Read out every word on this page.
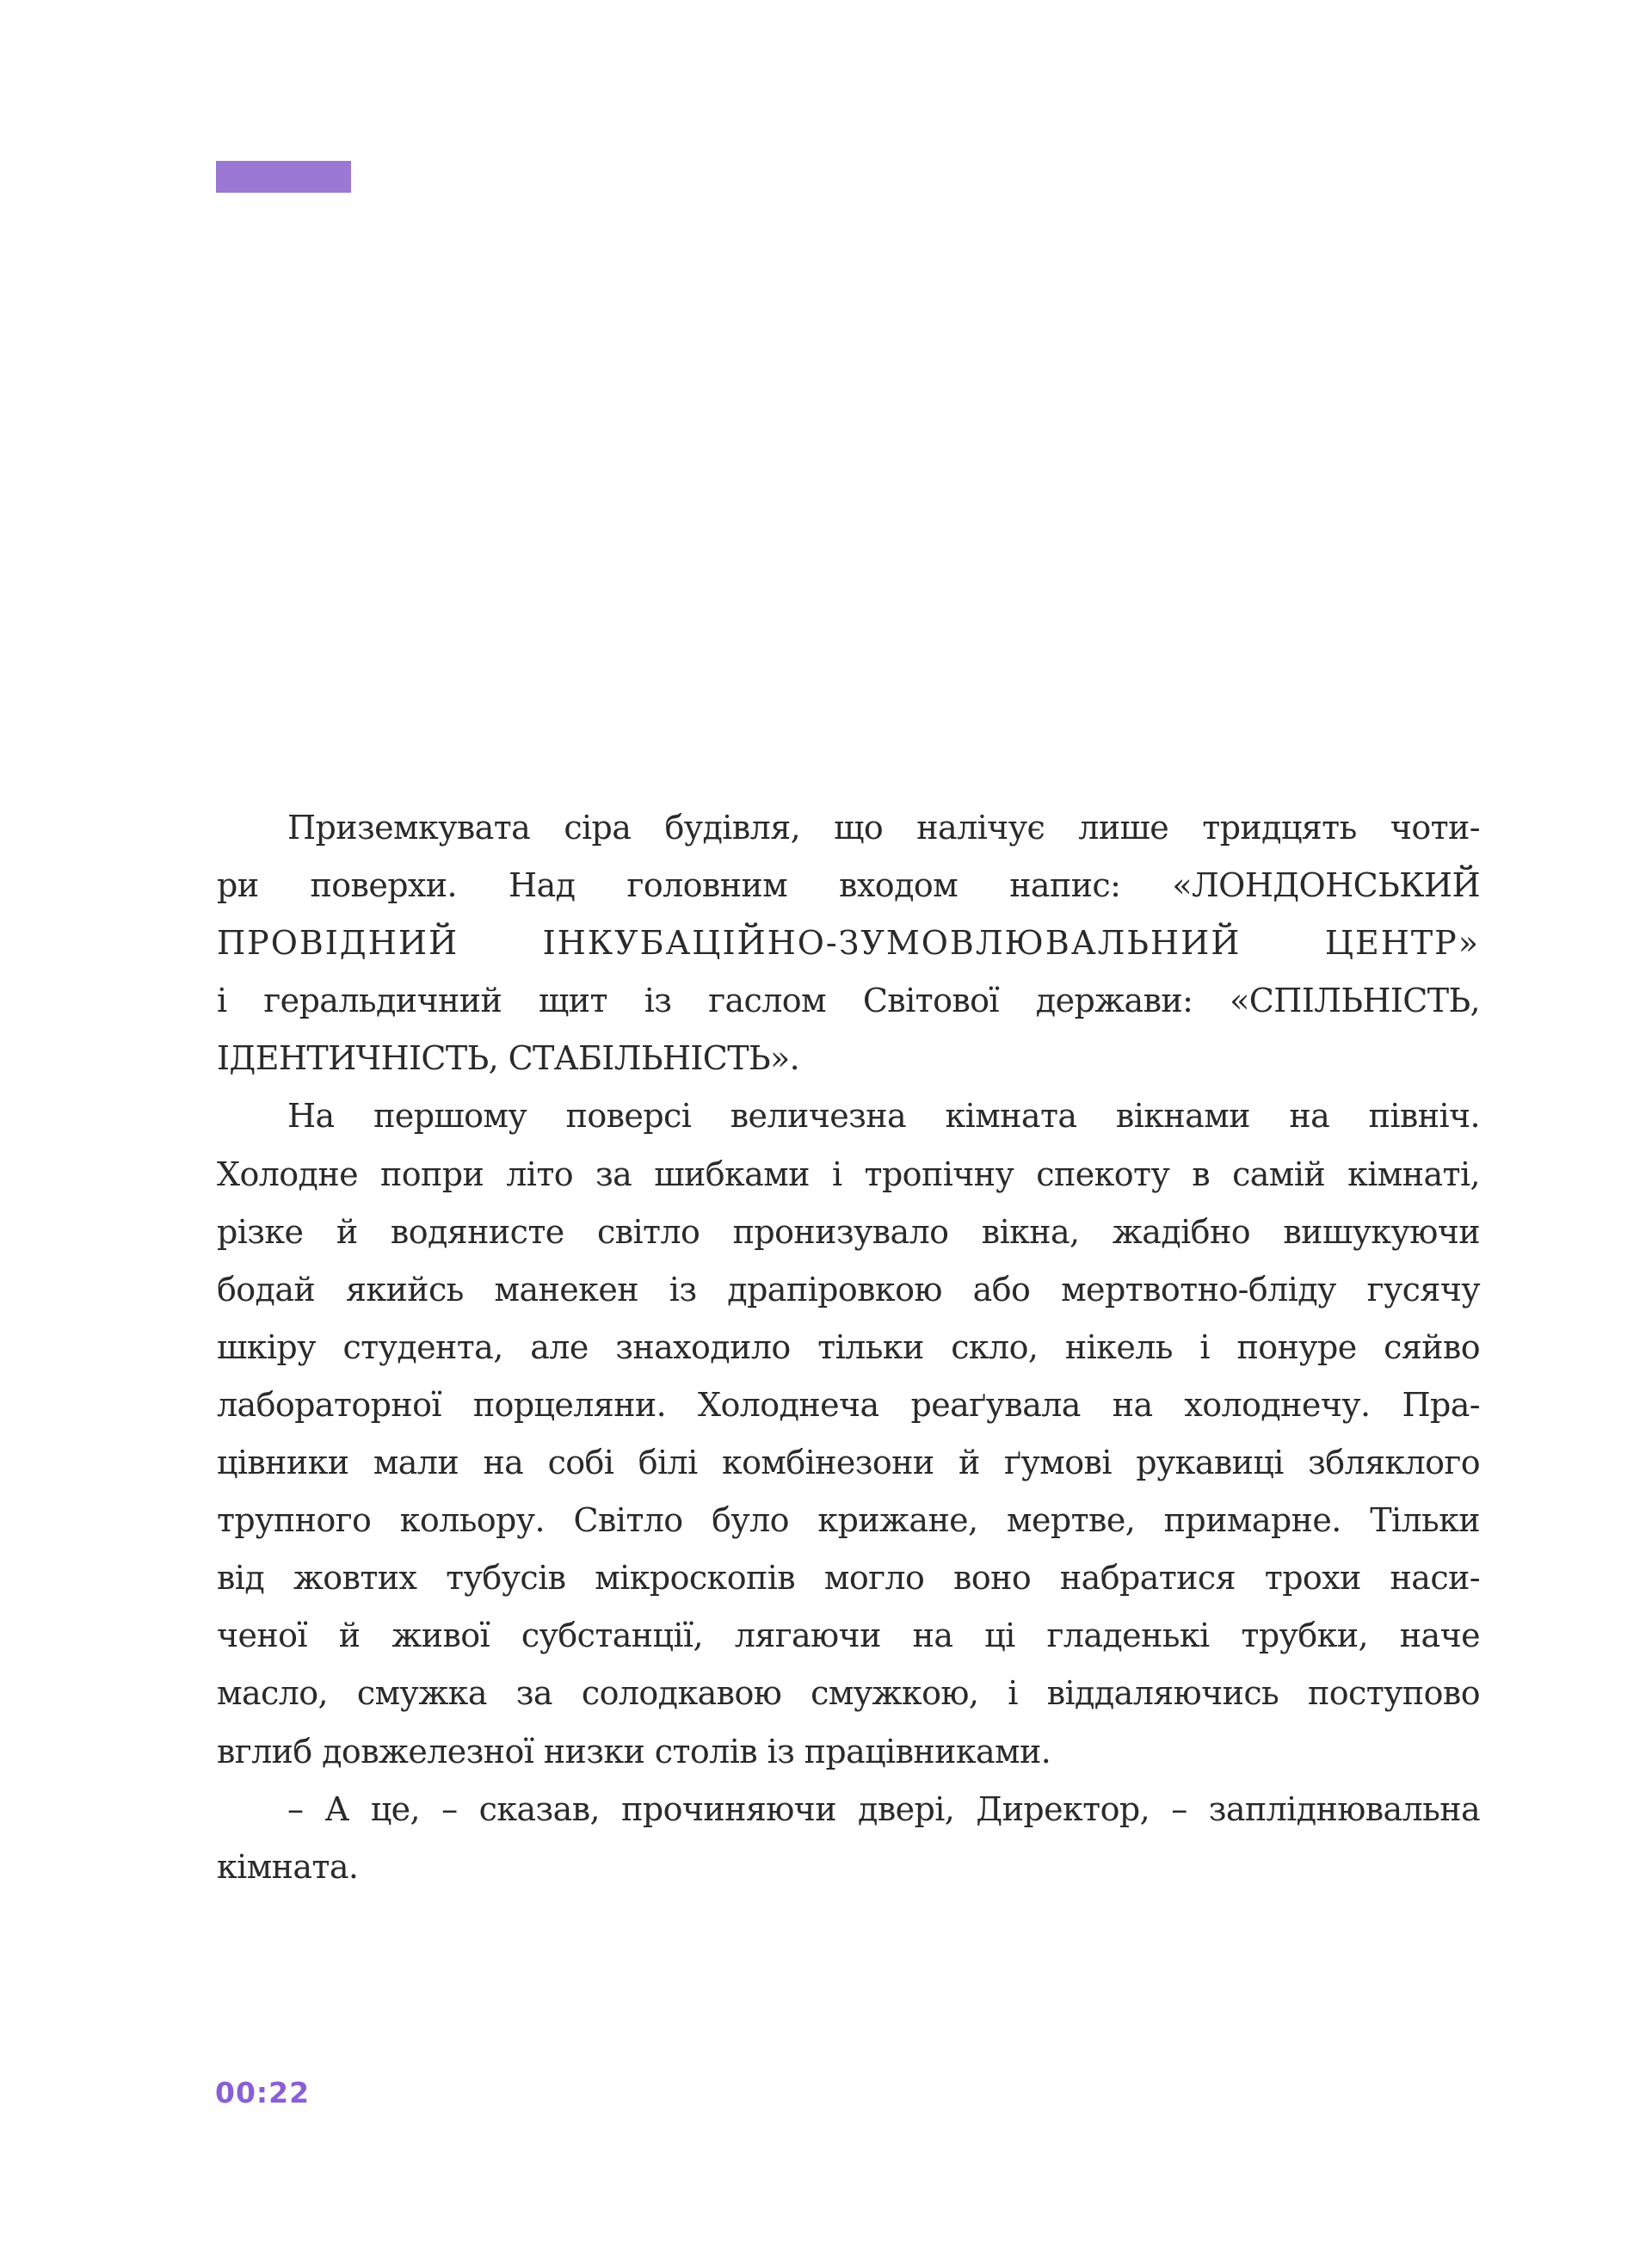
Приземкувата сіра будівля, що налічує лише тридцять чоти-
ри поверхи. Над головним входом напис: «ЛОНДОНСЬКИЙ
ПРОВІДНИЙ ІНКУБАЦІЙНО-ЗУМОВЛЮВАЛЬНИЙ ЦЕНТР»
і геральдичний щит із гаслом Світової держави: «СПІЛЬНІСТЬ,
ІДЕНТИЧНІСТЬ, СТАБІЛЬНІСТЬ».
На першому поверсі величезна кімната вікнами на північ.
Холодне попри літо за шибками і тропічну спекоту в самій кімнаті,
різке й водянисте світло пронизувало вікна, жадібно вишукуючи
бодай якийсь манекен із драпіровкою або мертвотно-бліду гусячу
шкіру студента, але знаходило тільки скло, нікель і понуре сяйво
лабораторної порцеляни. Холоднеча реаґувала на холоднечу. Пра-
цівники мали на собі білі комбінезони й ґумові рукавиці збляклого
трупного кольору. Світло було крижане, мертве, примарне. Тільки
від жовтих тубусів мікроскопів могло воно набратися трохи наси-
ченої й живої субстанції, лягаючи на ці гладенькі трубки, наче
масло, смужка за солодкавою смужкою, і віддаляючись поступово
вглиб довжелезної низки столів із працівниками.
– А це, – сказав, прочиняючи двері, Директор, – запліднювальна
кімната.
00:22
